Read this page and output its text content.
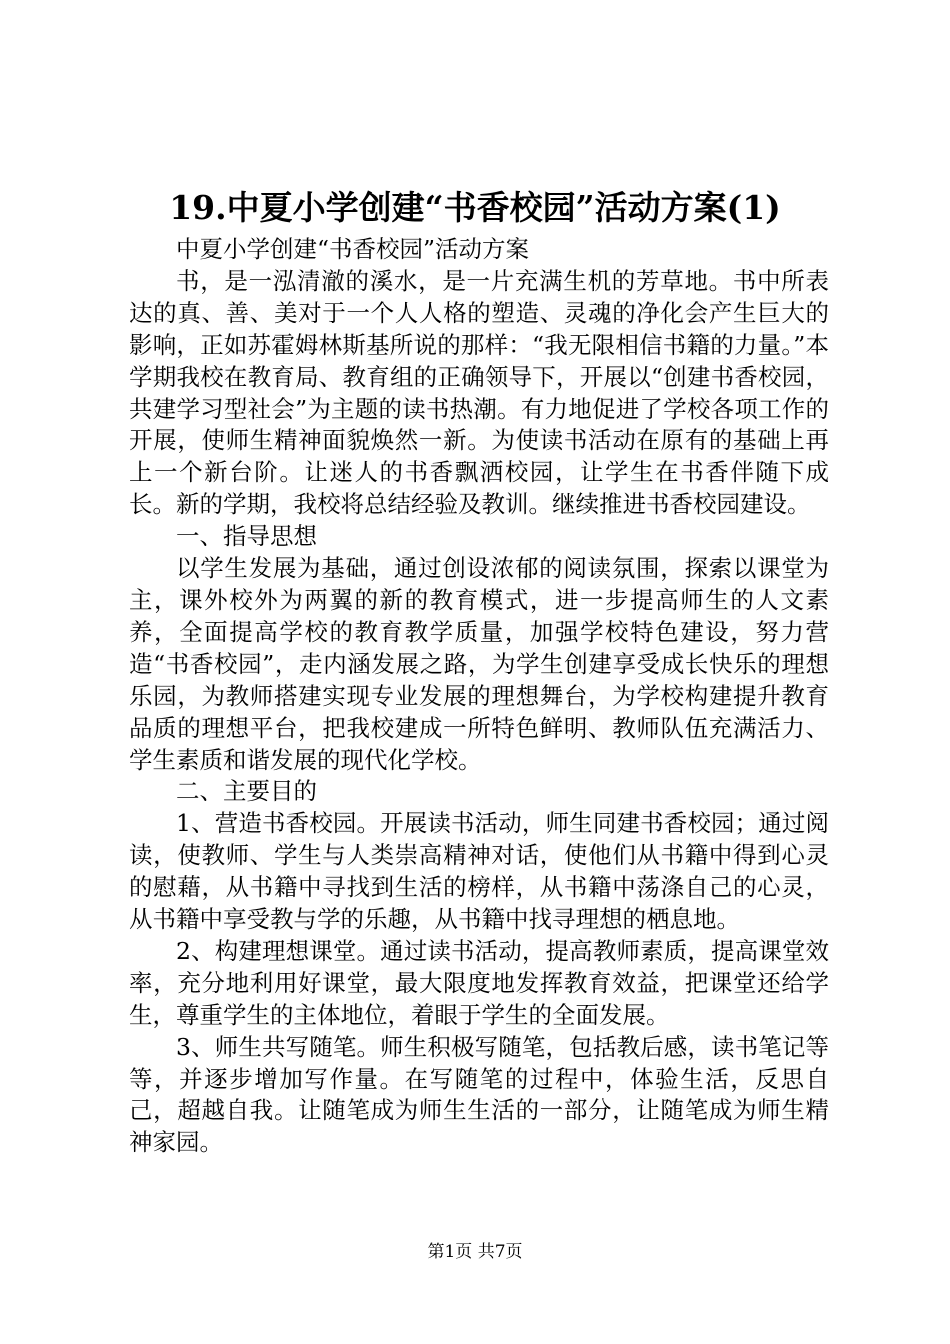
19.中夏小学创建“书香校园”活动方案(1)

中夏小学创建“书香校园”活动方案

书，是一泓清澈的溪水，是一片充满生机的芳草地。书中所表达的真、善、美对于一个人人格的塑造、灵魂的净化会产生巨大的影响，正如苏霍姆林斯基所说的那样：“我无限相信书籍的力量。”本学期我校在教育局、教育组的正确领导下，开展以“创建书香校园，共建学习型社会”为主题的读书热潮。有力地促进了学校各项工作的开展，使师生精神面貌焕然一新。为使读书活动在原有的基础上再上一个新台阶。让迷人的书香飘洒校园，让学生在书香伴随下成长。新的学期，我校将总结经验及教训。继续推进书香校园建设。

一、指导思想

以学生发展为基础，通过创设浓郁的阅读氛围，探索以课堂为主，课外校外为两翼的新的教育模式，进一步提高师生的人文素养，全面提高学校的教育教学质量，加强学校特色建设，努力营造“书香校园”，走内涵发展之路，为学生创建享受成长快乐的理想乐园，为教师搭建实现专业发展的理想舞台，为学校构建提升教育品质的理想平台，把我校建成一所特色鲜明、教师队伍充满活力、学生素质和谐发展的现代化学校。

二、主要目的

1、营造书香校园。开展读书活动，师生同建书香校园；通过阅读，使教师、学生与人类崇高精神对话，使他们从书籍中得到心灵的慰藉，从书籍中寻找到生活的榜样，从书籍中荡涤自己的心灵，从书籍中享受教与学的乐趣，从书籍中找寻理想的栖息地。

2、构建理想课堂。通过读书活动，提高教师素质，提高课堂效率，充分地利用好课堂，最大限度地发挥教育效益，把课堂还给学生，尊重学生的主体地位，着眼于学生的全面发展。

3、师生共写随笔。师生积极写随笔，包括教后感，读书笔记等等，并逐步增加写作量。在写随笔的过程中，体验生活，反思自己，超越自我。让随笔成为师生生活的一部分，让随笔成为师生精神家园。

第1页 共7页
